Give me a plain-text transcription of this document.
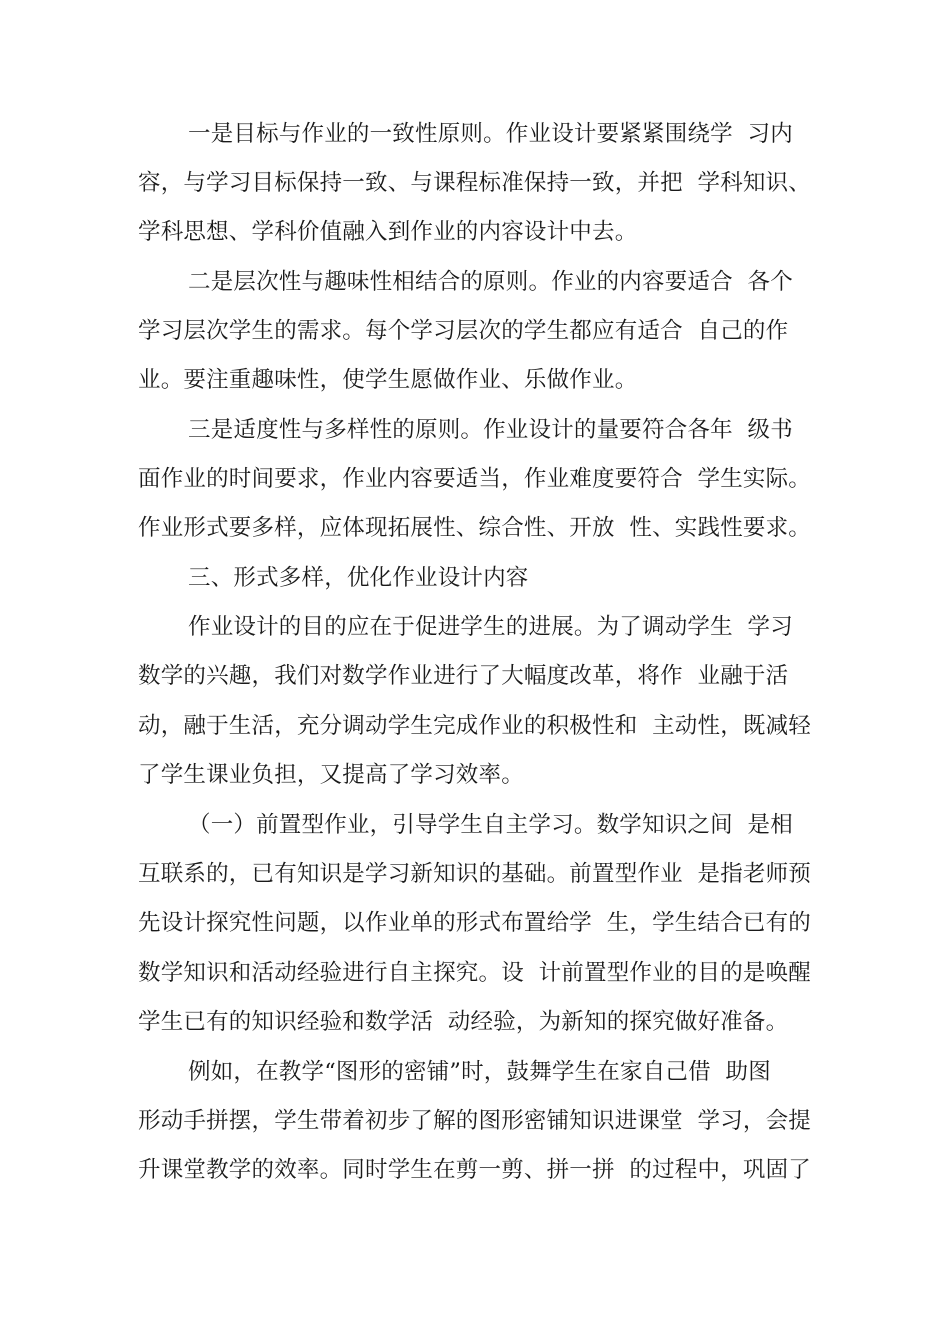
一是目标与作业的一致性原则。作业设计要紧紧围绕学  习内
容，与学习目标保持一致、与课程标准保持一致，并把  学科知识、
学科思想、学科价值融入到作业的内容设计中去。
二是层次性与趣味性相结合的原则。作业的内容要适合  各个
学习层次学生的需求。每个学习层次的学生都应有适合  自己的作
业。要注重趣味性，使学生愿做作业、乐做作业。
三是适度性与多样性的原则。作业设计的量要符合各年  级书
面作业的时间要求，作业内容要适当，作业难度要符合  学生实际。
作业形式要多样，应体现拓展性、综合性、开放  性、实践性要求。
三、形式多样，优化作业设计内容
作业设计的目的应在于促进学生的进展。为了调动学生  学习
数学的兴趣，我们对数学作业进行了大幅度改革，将作  业融于活
动，融于生活，充分调动学生完成作业的积极性和  主动性，既减轻
了学生课业负担，又提高了学习效率。
（一）前置型作业，引导学生自主学习。数学知识之间  是相
互联系的，已有知识是学习新知识的基础。前置型作业  是指老师预
先设计探究性问题，以作业单的形式布置给学  生，学生结合已有的
数学知识和活动经验进行自主探究。设  计前置型作业的目的是唤醒
学生已有的知识经验和数学活  动经验，为新知的探究做好准备。
例如，在教学“图形的密铺”时，鼓舞学生在家自己借  助图
形动手拼摆，学生带着初步了解的图形密铺知识进课堂  学习，会提
升课堂教学的效率。同时学生在剪一剪、拼一拼  的过程中，巩固了
